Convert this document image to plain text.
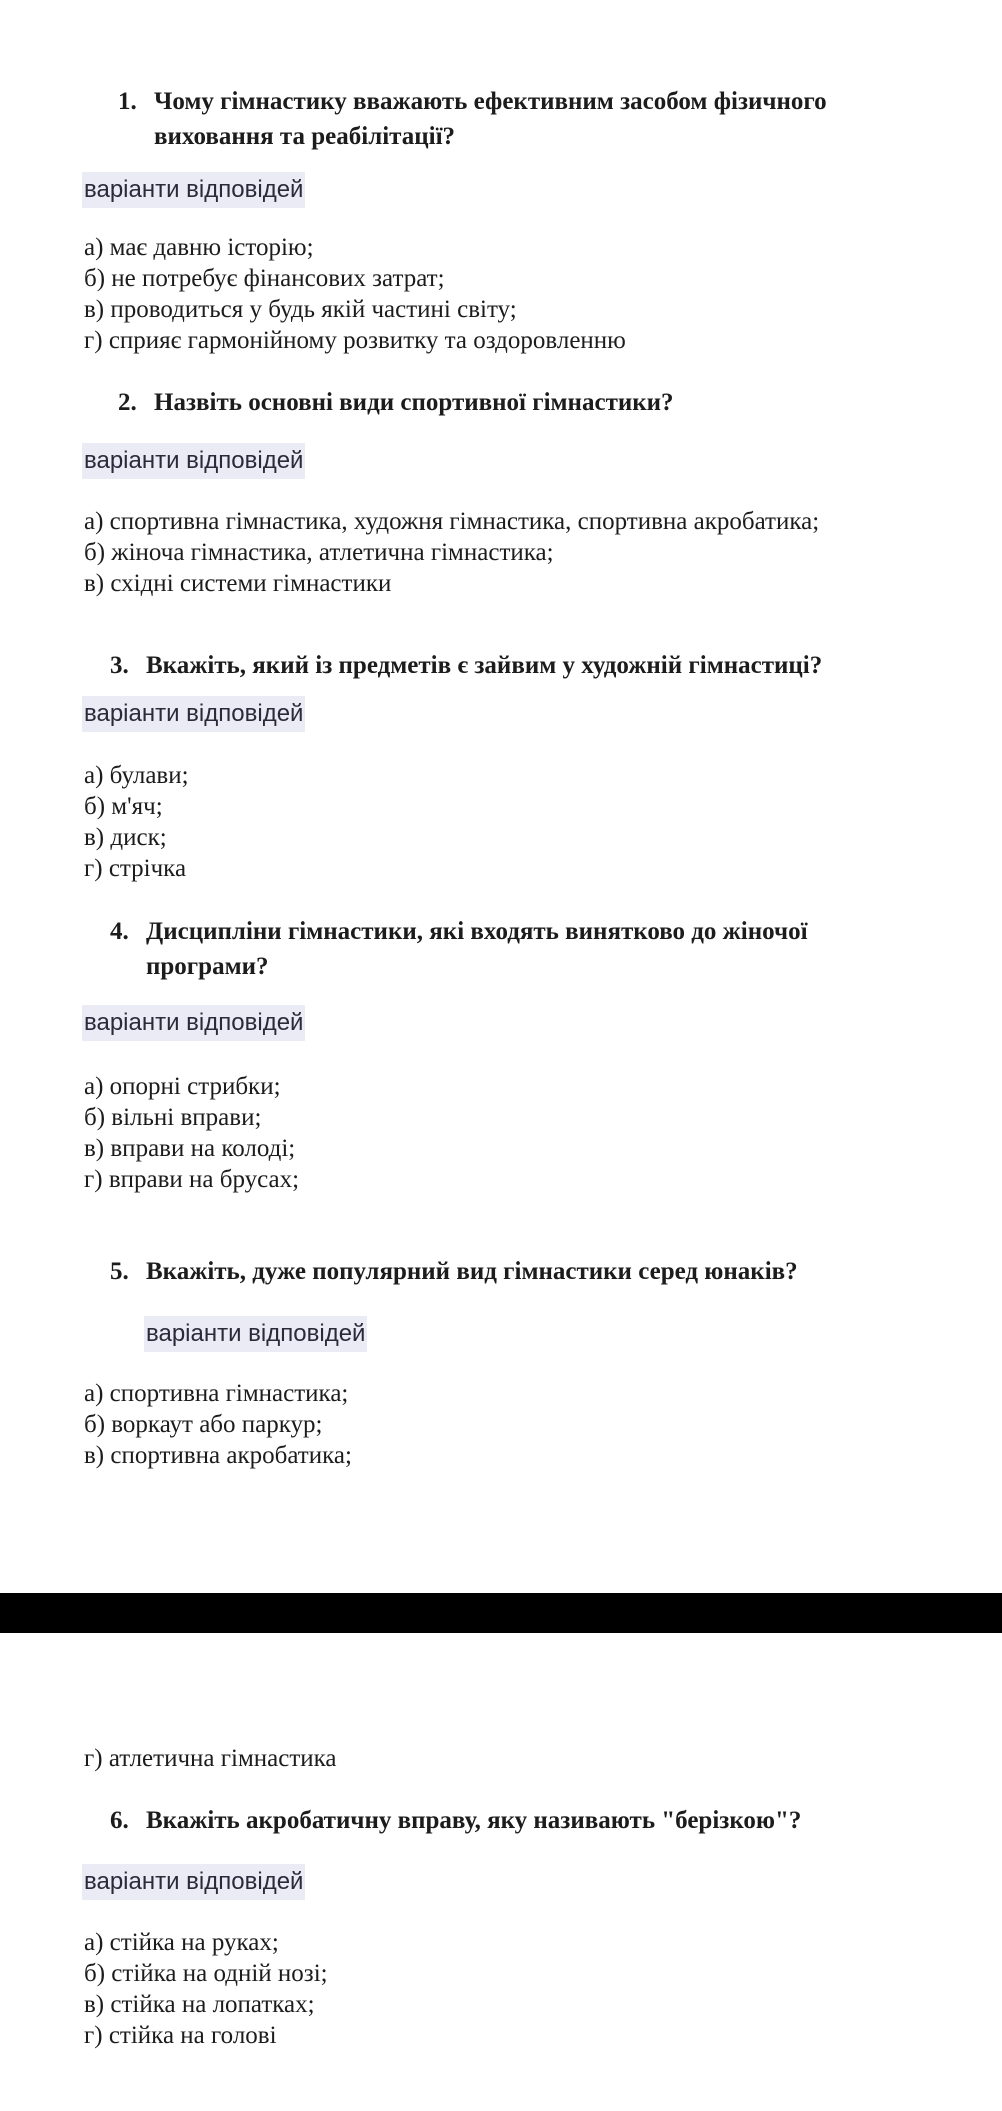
1. Чому гімнастику вважають ефективним засобом фізичного
виховання та реабілітації?
варіанти відповідей
а) має давню історію;
б) не потребує фінансових затрат;
в) проводиться у будь якій частині світу;
г) сприяє гармонійному розвитку та оздоровленню
2. Назвіть основні види спортивної гімнастики?
варіанти відповідей
а) спортивна гімнастика, художня гімнастика, спортивна акробатика;
б) жіноча гімнастика, атлетична гімнастика;
в) східні системи гімнастики
3. Вкажіть, який із предметів є зайвим у художній гімнастиці?
варіанти відповідей
а) булави;
б) м'яч;
в) диск;
г) стрічка
4. Дисципліни гімнастики, які входять винятково до жіночої
програми?
варіанти відповідей
а) опорні стрибки;
б) вільні вправи;
в) вправи на колоді;
г) вправи на брусах;
5. Вкажіть, дуже популярний вид гімнастики серед юнаків?
варіанти відповідей
а) спортивна гімнастика;
б) воркаут або паркур;
в) спортивна акробатика;
г) атлетична гімнастика
6. Вкажіть акробатичну вправу, яку називають "берізкою"?
варіанти відповідей
а) стійка на руках;
б) стійка на одній нозі;
в) стійка на лопатках;
г) стійка на голові
